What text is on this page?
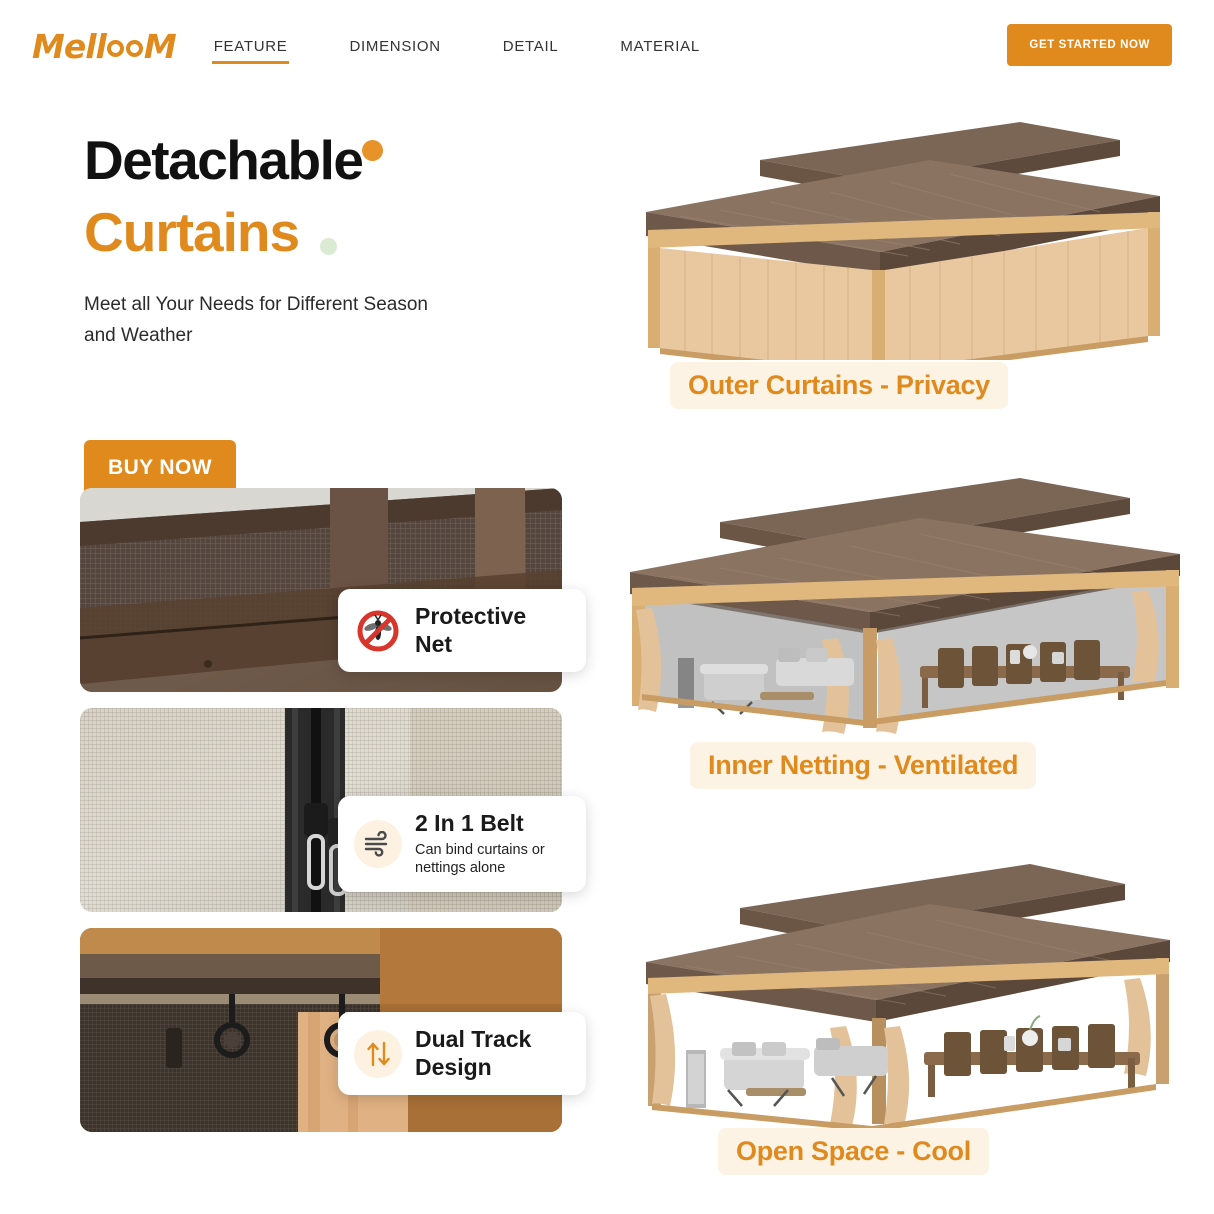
Mell M	FEATURE	DIMENSION	DETAIL	MATERIAL	GET STARTED NOW
Detachable
Curtains
Meet all Your Needs for Different Season and Weather
BUY NOW
Protective Net
2 In 1 Belt
Can bind curtains or nettings alone
Dual Track Design
Outer Curtains - Privacy
Inner Netting - Ventilated
Open Space - Cool
